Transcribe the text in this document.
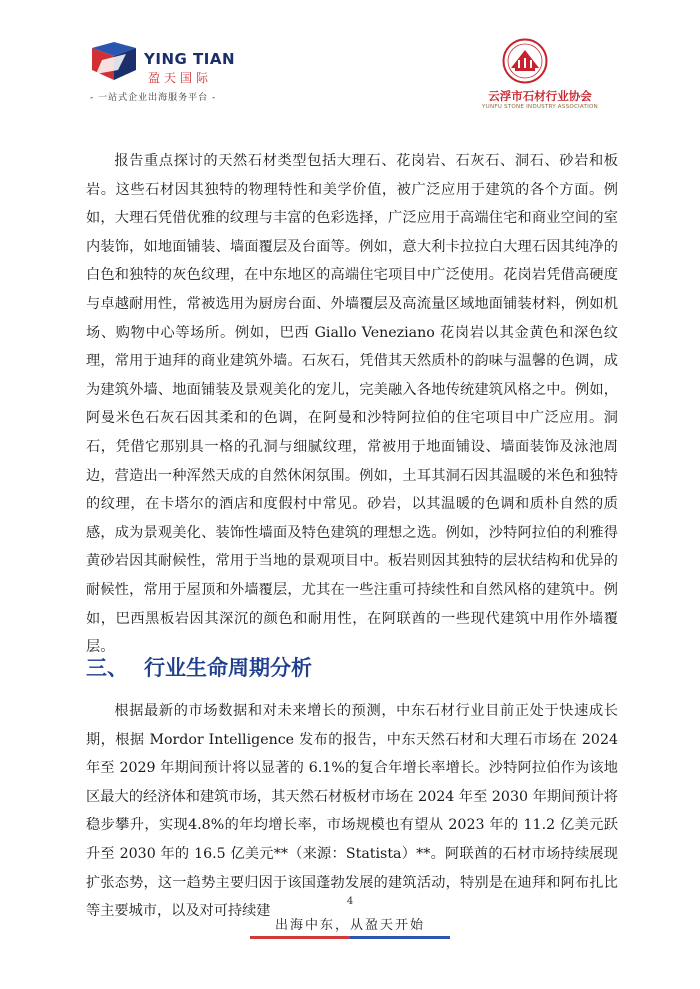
YING TIAN
盈天国际
- 一站式企业出海服务平台 -	云浮市石材行业协会
YUNFU STONE INDUSTRY ASSOCIATION
报告重点探讨的天然石材类型包括大理石、花岗岩、石灰石、洞石、砂岩和板岩。这些石材因其独特的物理特性和美学价值，被广泛应用于建筑的各个方面。例如，大理石凭借优雅的纹理与丰富的色彩选择，广泛应用于高端住宅和商业空间的室内装饰，如地面铺装、墙面覆层及台面等。例如，意大利卡拉拉白大理石因其纯净的白色和独特的灰色纹理，在中东地区的高端住宅项目中广泛使用。花岗岩凭借高硬度与卓越耐用性，常被选用为厨房台面、外墙覆层及高流量区域地面铺装材料，例如机场、购物中心等场所。例如，巴西 Giallo Veneziano 花岗岩以其金黄色和深色纹理，常用于迪拜的商业建筑外墙。石灰石，凭借其天然质朴的韵味与温馨的色调，成为建筑外墙、地面铺装及景观美化的宠儿，完美融入各地传统建筑风格之中。例如，阿曼米色石灰石因其柔和的色调，在阿曼和沙特阿拉伯的住宅项目中广泛应用。洞石，凭借它那别具一格的孔洞与细腻纹理，常被用于地面铺设、墙面装饰及泳池周边，营造出一种浑然天成的自然休闲氛围。例如，土耳其洞石因其温暖的米色和独特的纹理，在卡塔尔的酒店和度假村中常见。砂岩，以其温暖的色调和质朴自然的质感，成为景观美化、装饰性墙面及特色建筑的理想之选。例如，沙特阿拉伯的利雅得黄砂岩因其耐候性，常用于当地的景观项目中。板岩则因其独特的层状结构和优异的耐候性，常用于屋顶和外墙覆层，尤其在一些注重可持续性和自然风格的建筑中。例如，巴西黑板岩因其深沉的颜色和耐用性，在阿联酋的一些现代建筑中用作外墙覆层。
三、 行业生命周期分析
根据最新的市场数据和对未来增长的预测，中东石材行业目前正处于快速成长期，根据 Mordor Intelligence 发布的报告，中东天然石材和大理石市场在 2024 年至 2029 年期间预计将以显著的 6.1%的复合年增长率增长。沙特阿拉伯作为该地区最大的经济体和建筑市场，其天然石材板材市场在 2024 年至 2030 年期间预计将稳步攀升，实现4.8%的年均增长率，市场规模也有望从 2023 年的 11.2 亿美元跃升至 2030 年的 16.5 亿美元**（来源：Statista）**。阿联酋的石材市场持续展现扩张态势，这一趋势主要归因于该国蓬勃发展的建筑活动，特别是在迪拜和阿布扎比等主要城市，以及对可持续建
4
出海中东，从盈天开始
